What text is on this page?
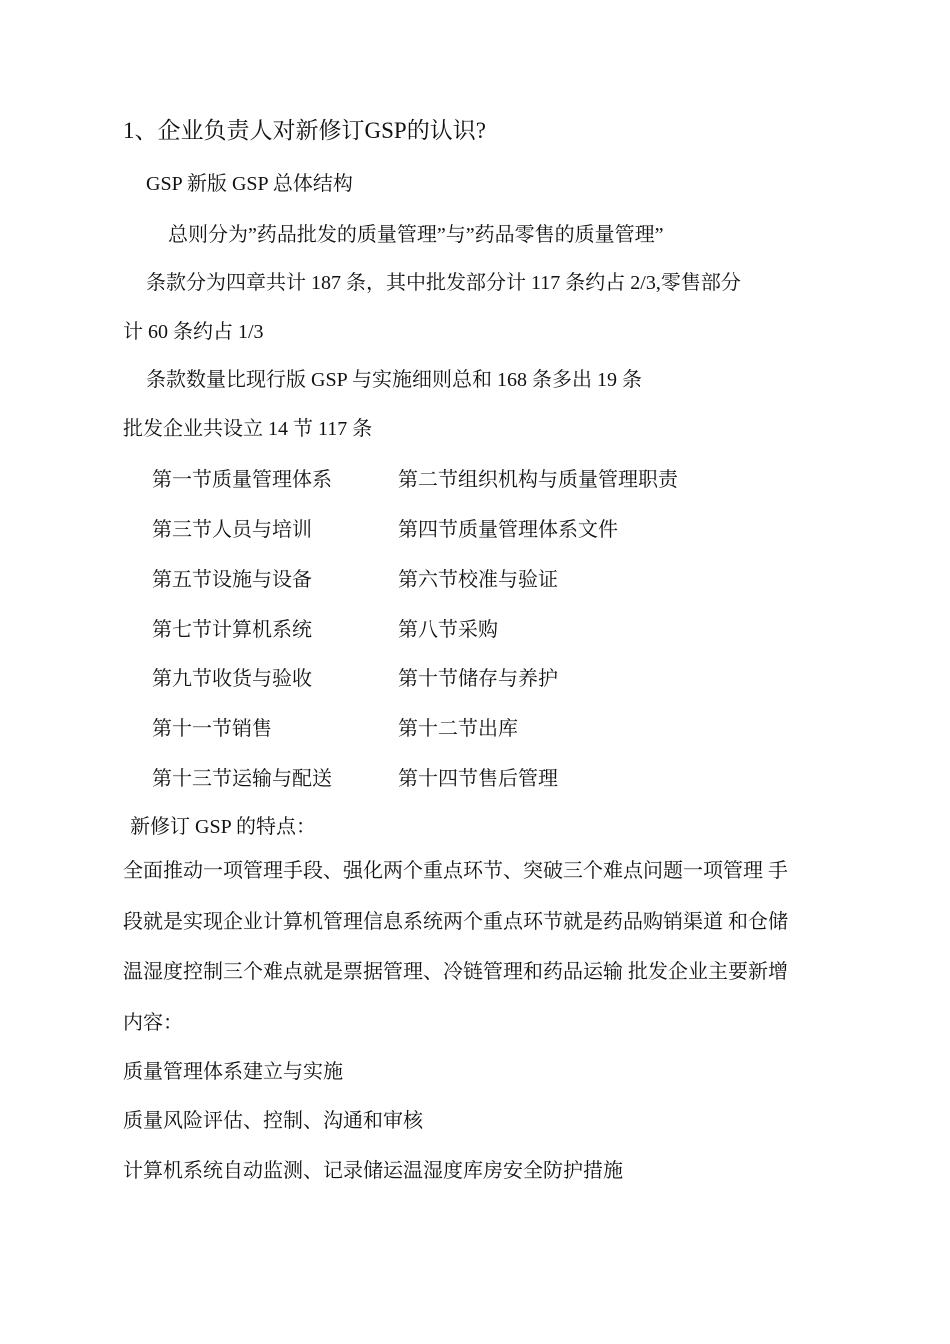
1、企业负责人对新修订GSP的认识?
GSP 新版 GSP 总体结构
总则分为”药品批发的质量管理”与”药品零售的质量管理”
条款分为四章共计 187 条，其中批发部分计 117 条约占 2/3,零售部分
计 60 条约占 1/3
条款数量比现行版 GSP 与实施细则总和 168 条多出 19 条
批发企业共设立 14 节 117 条
第一节质量管理体系	第二节组织机构与质量管理职责
第三节人员与培训	第四节质量管理体系文件
第五节设施与设备	第六节校准与验证
第七节计算机系统	第八节采购
第九节收货与验收	第十节储存与养护
第十一节销售	第十二节出库
第十三节运输与配送	第十四节售后管理
新修订 GSP 的特点：
全面推动一项管理手段、强化两个重点环节、突破三个难点问题一项管理 手
段就是实现企业计算机管理信息系统两个重点环节就是药品购销渠道 和仓储
温湿度控制三个难点就是票据管理、冷链管理和药品运输 批发企业主要新增
内容：
质量管理体系建立与实施
质量风险评估、控制、沟通和审核
计算机系统自动监测、记录储运温湿度库房安全防护措施
